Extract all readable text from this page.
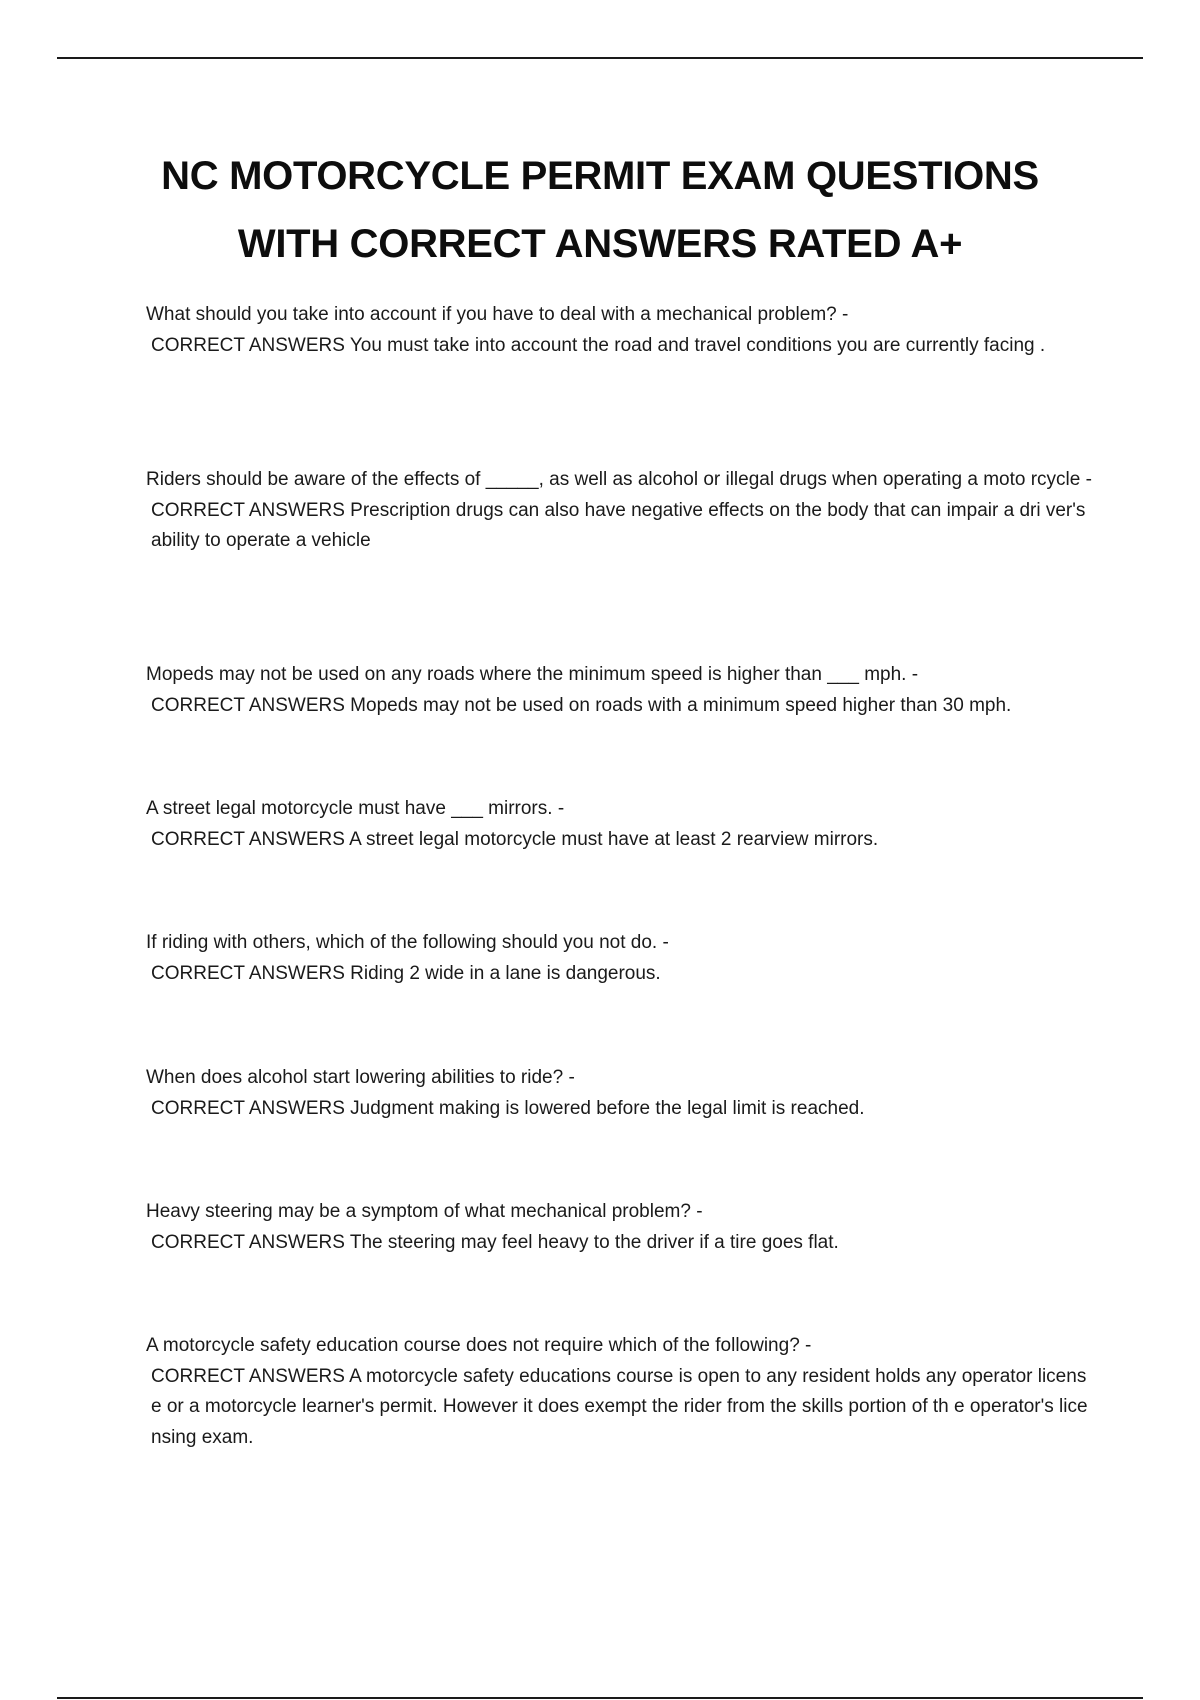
NC MOTORCYCLE PERMIT EXAM QUESTIONS
WITH CORRECT ANSWERS RATED A+
What should you take into account if you have to deal with a mechanical problem? -
CORRECT ANSWERS You must take into account the road and travel conditions you are currently facing .
Riders should be aware of the effects of _____, as well as alcohol or illegal drugs when operating a moto rcycle -
CORRECT ANSWERS Prescription drugs can also have negative effects on the body that can impair a dri ver's ability to operate a vehicle
Mopeds may not be used on any roads where the minimum speed is higher than ___ mph. -
CORRECT ANSWERS Mopeds may not be used on roads with a minimum speed higher than 30 mph.
A street legal motorcycle must have ___ mirrors. -
CORRECT ANSWERS A street legal motorcycle must have at least 2 rearview mirrors.
If riding with others, which of the following should you not do. -
CORRECT ANSWERS Riding 2 wide in a lane is dangerous.
When does alcohol start lowering abilities to ride? -
CORRECT ANSWERS Judgment making is lowered before the legal limit is reached.
Heavy steering may be a symptom of what mechanical problem? -
CORRECT ANSWERS The steering may feel heavy to the driver if a tire goes flat.
A motorcycle safety education course does not require which of the following? -
CORRECT ANSWERS A motorcycle safety educations course is open to any resident holds any operator license or a motorcycle learner's permit. However it does exempt the rider from the skills portion of th e operator's licensing exam.
